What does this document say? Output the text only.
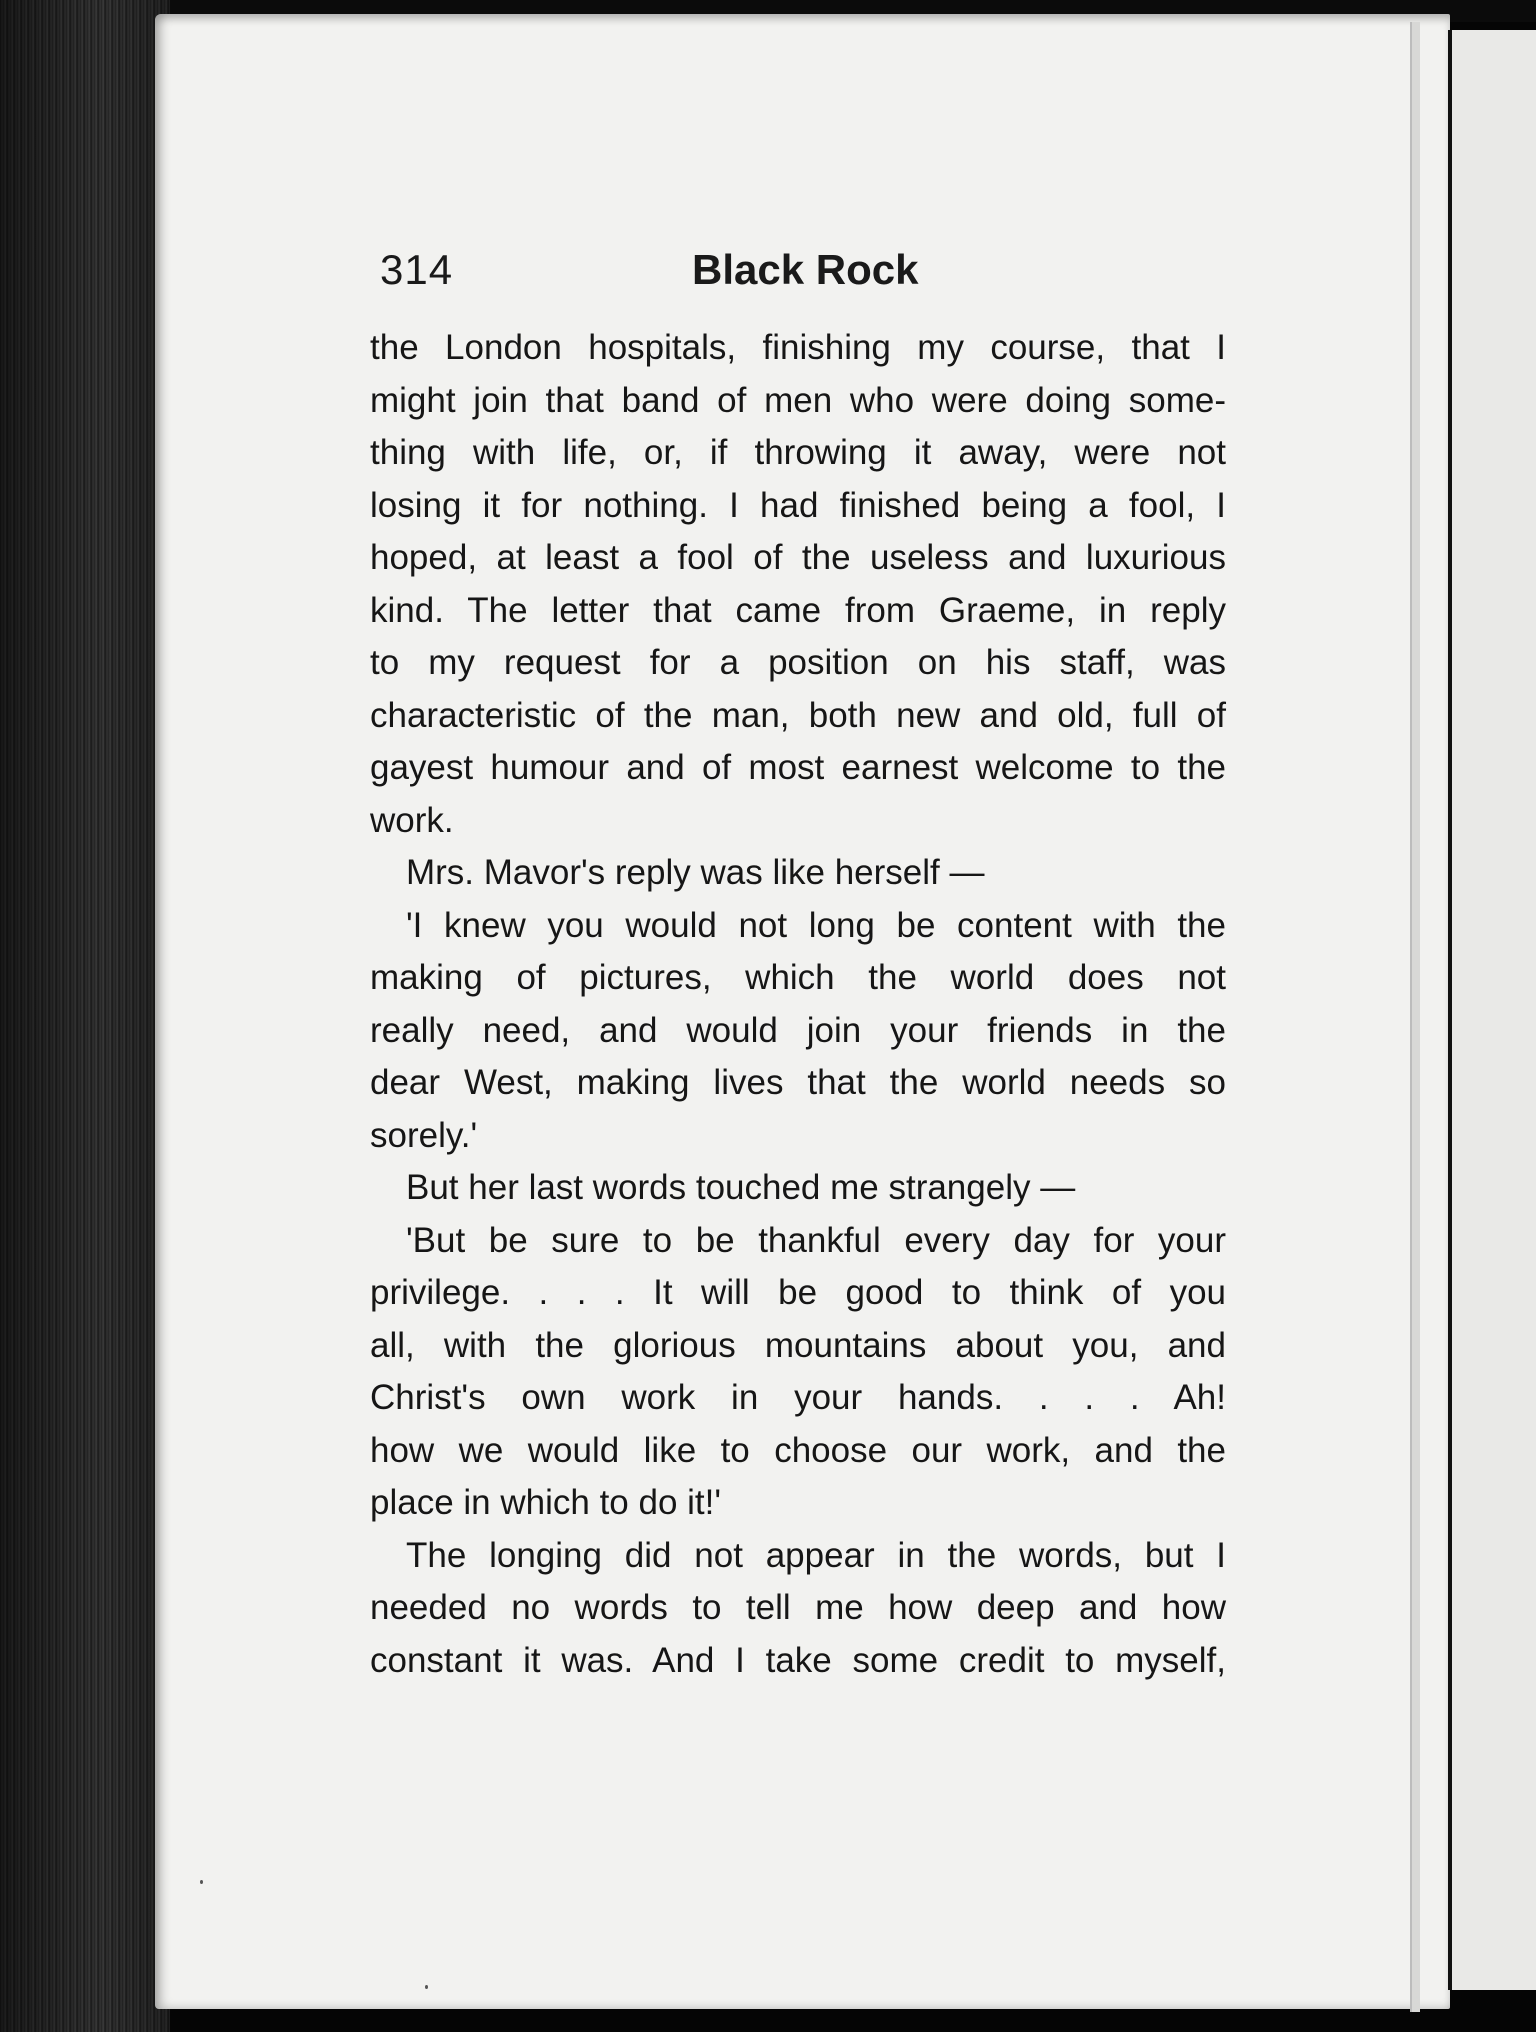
314	Black Rock

the London hospitals, finishing my course, that I
might join that band of men who were doing some-
thing with life, or, if throwing it away, were not
losing it for nothing. I had finished being a fool, I
hoped, at least a fool of the useless and luxurious
kind. The letter that came from Graeme, in reply
to my request for a position on his staff, was
characteristic of the man, both new and old, full of
gayest humour and of most earnest welcome to the
work.

Mrs. Mavor's reply was like herself —

'I knew you would not long be content with the
making of pictures, which the world does not
really need, and would join your friends in the
dear West, making lives that the world needs so
sorely.'

But her last words touched me strangely —

'But be sure to be thankful every day for your
privilege. . . . It will be good to think of you
all, with the glorious mountains about you, and
Christ's own work in your hands. . . . Ah!
how we would like to choose our work, and the
place in which to do it!'

The longing did not appear in the words, but I
needed no words to tell me how deep and how
constant it was. And I take some credit to myself,
